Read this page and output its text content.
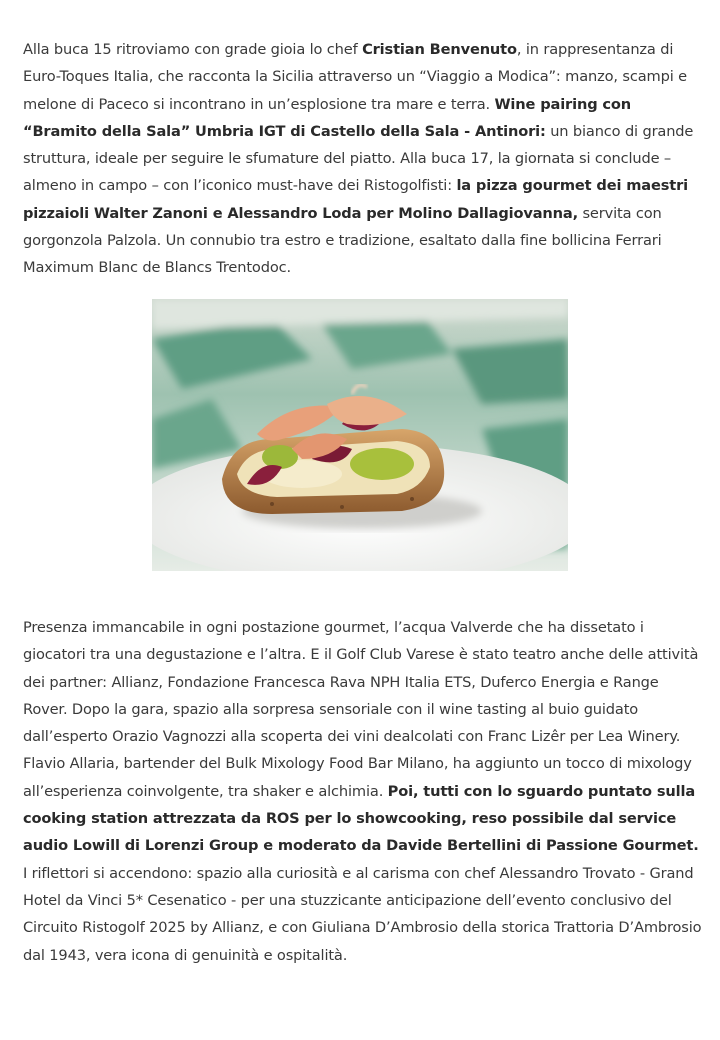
Alla buca 15 ritroviamo con grade gioia lo chef Cristian Benvenuto, in rappresentanza di Euro-Toques Italia, che racconta la Sicilia attraverso un “Viaggio a Modica”: manzo, scampi e melone di Paceco si incontrano in un’esplosione tra mare e terra. Wine pairing con “Bramito della Sala” Umbria IGT di Castello della Sala - Antinori: un bianco di grande struttura, ideale per seguire le sfumature del piatto. Alla buca 17, la giornata si conclude – almeno in campo – con l’iconico must-have dei Ristogolfisti: la pizza gourmet dei maestri pizzaioli Walter Zanoni e Alessandro Loda per Molino Dallagiovanna, servita con gorgonzola Palzola. Un connubio tra estro e tradizione, esaltato dalla fine bollicina Ferrari Maximum Blanc de Blancs Trentodoc.

Presenza immancabile in ogni postazione gourmet, l’acqua Valverde che ha dissetato i giocatori tra una degustazione e l’altra. E il Golf Club Varese è stato teatro anche delle attività dei partner: Allianz, Fondazione Francesca Rava NPH Italia ETS, Duferco Energia e Range Rover. Dopo la gara, spazio alla sorpresa sensoriale con il wine tasting al buio guidato dall’esperto Orazio Vagnozzi alla scoperta dei vini dealcolati con Franc Lizêr per Lea Winery. Flavio Allaria, bartender del Bulk Mixology Food Bar Milano, ha aggiunto un tocco di mixology all’esperienza coinvolgente, tra shaker e alchimia. Poi, tutti con lo sguardo puntato sulla cooking station attrezzata da ROS per lo showcooking, reso possibile dal service audio Lowill di Lorenzi Group e moderato da Davide Bertellini di Passione Gourmet. I riflettori si accendono: spazio alla curiosità e al carisma con chef Alessandro Trovato - Grand Hotel da Vinci 5* Cesenatico - per una stuzzicante anticipazione dell’evento conclusivo del Circuito Ristogolf 2025 by Allianz, e con Giuliana D’Ambrosio della storica Trattoria D’Ambrosio dal 1943, vera icona di genuinità e ospitalità.
